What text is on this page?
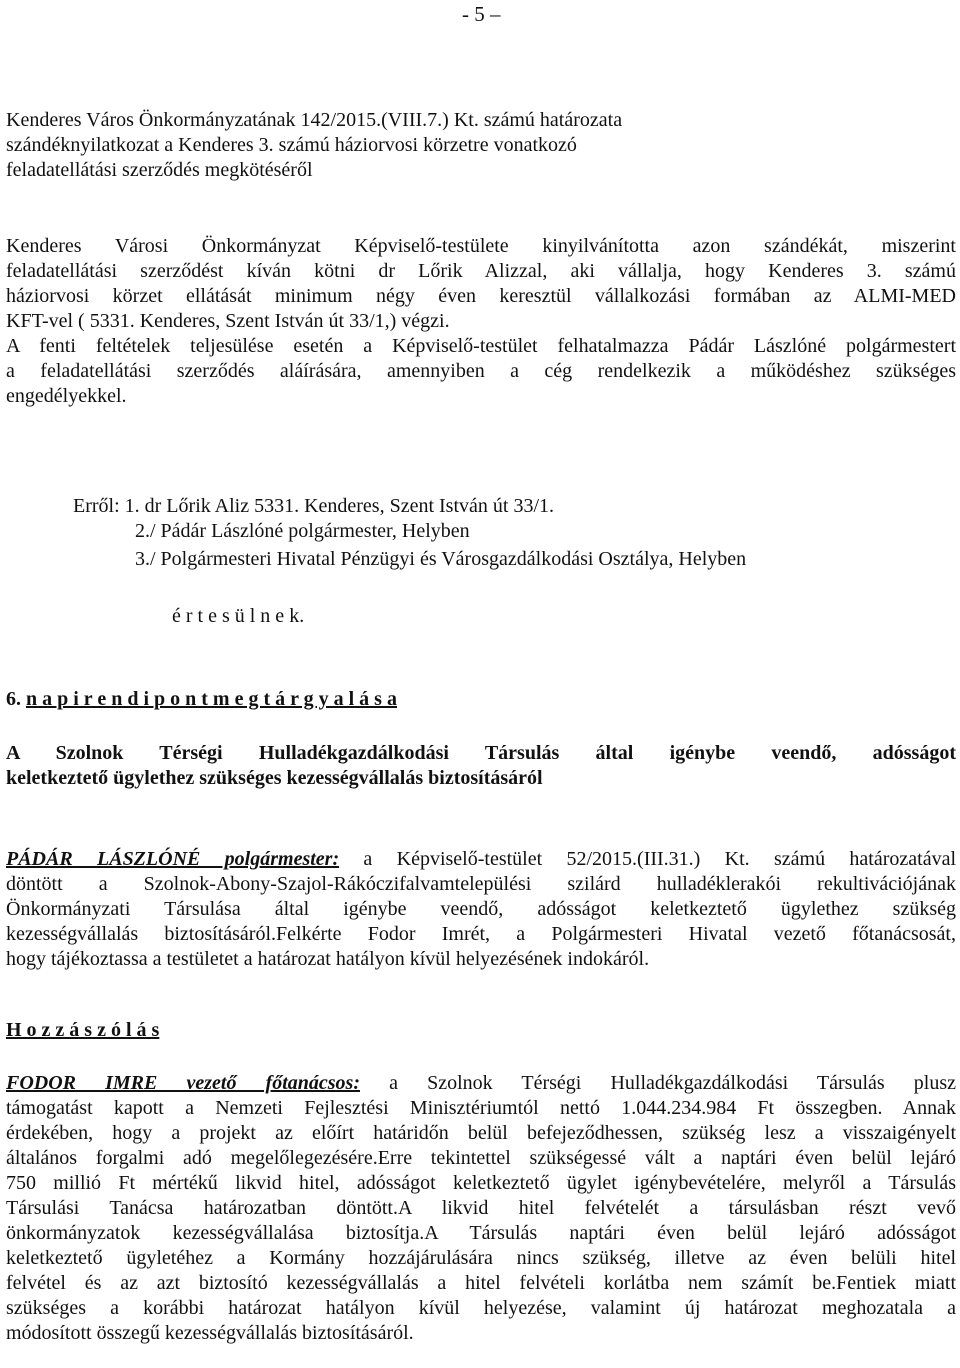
- 5 –
Kenderes Város Önkormányzatának 142/2015.(VIII.7.) Kt. számú határozata
szándéknyilatkozat a Kenderes 3. számú háziorvosi körzetre vonatkozó
feladatellátási szerződés megkötéséről
Kenderes Városi Önkormányzat Képviselő-testülete kinyilvánította azon szándékát, miszerint
feladatellátási szerződést kíván kötni dr Lőrik Alizzal, aki vállalja, hogy Kenderes 3. számú
háziorvosi körzet ellátását minimum négy éven keresztül vállalkozási formában az ALMI-MED
KFT-vel ( 5331. Kenderes, Szent István út 33/1,) végzi.
A fenti feltételek teljesülése esetén a Képviselő-testület felhatalmazza Pádár Lászlóné polgármestert
a feladatellátási szerződés aláírására, amennyiben a cég rendelkezik a működéshez szükséges
engedélyekkel.
Erről: 1. dr Lőrik Aliz 5331. Kenderes, Szent István út 33/1.
2./ Pádár Lászlóné polgármester, Helyben
3./ Polgármesteri Hivatal Pénzügyi és Városgazdálkodási Osztálya, Helyben
é r t e s ü l n e k.
6. n a p i r e n d i p o n t m e g t á r g y a l á s a
A Szolnok Térségi Hulladékgazdálkodási Társulás által igénybe veendő, adósságot
keletkeztető ügylethez szükséges kezességvállalás biztosításáról
PÁDÁR LÁSZLÓNÉ polgármester: a Képviselő-testület 52/2015.(III.31.) Kt. számú határozatával
döntött a Szolnok-Abony-Szajol-Rákóczifalvamtelepülési szilárd hulladéklerakói rekultivációjának
Önkormányzati Társulása által igénybe veendő, adósságot keletkeztető ügylethez szükség
kezességvállalás biztosításáról.Felkérte Fodor Imrét, a Polgármesteri Hivatal vezető főtanácsosát,
hogy tájékoztassa a testületet a határozat hatályon kívül helyezésének indokáról.
H o z z á s z ó l á s
FODOR IMRE vezető főtanácsos: a Szolnok Térségi Hulladékgazdálkodási Társulás plusz
támogatást kapott a Nemzeti Fejlesztési Minisztériumtól nettó 1.044.234.984 Ft összegben. Annak
érdekében, hogy a projekt az előírt határidőn belül befejeződhessen, szükség lesz a visszaigényelt
általános forgalmi adó megelőlegezésére.Erre tekintettel szükségessé vált a naptári éven belül lejáró
750 millió Ft mértékű likvid hitel, adósságot keletkeztető ügylet igénybevételére, melyről a Társulás
Társulási Tanácsa határozatban döntött.A likvid hitel felvételét a társulásban részt vevő
önkormányzatok kezességvállalása biztosítja.A Társulás naptári éven belül lejáró adósságot
keletkeztető ügyletéhez a Kormány hozzájárulására nincs szükség, illetve az éven belüli hitel
felvétel és az azt biztosító kezességvállalás a hitel felvételi korlátba nem számít be.Fentiek miatt
szükséges a korábbi határozat hatályon kívül helyezése, valamint új határozat meghozatala a
módosított összegű kezességvállalás biztosításáról.
